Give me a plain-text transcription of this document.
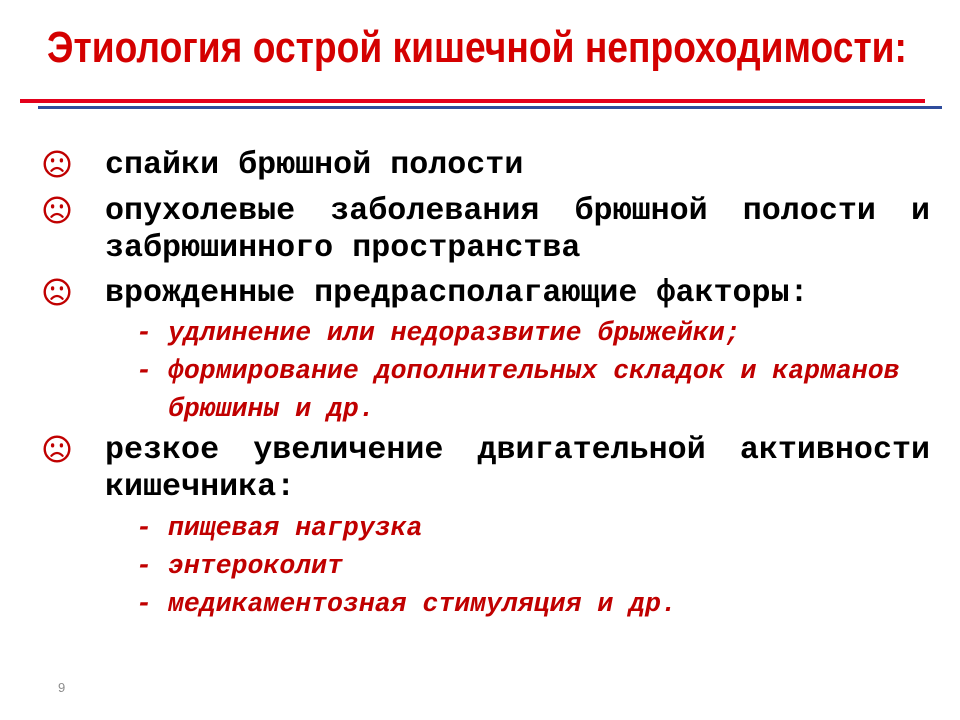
Этиология острой кишечной непроходимости:

спайки брюшной полости

опухолевые заболевания брюшной полости и забрюшинного пространства

врожденные предрасполагающие факторы:

- удлинение или недоразвитие брыжейки;
- формирование дополнительных складок и карманов брюшины и др.

резкое увеличение двигательной активности кишечника:

- пищевая нагрузка
- энтероколит
- медикаментозная стимуляция и др.
9
